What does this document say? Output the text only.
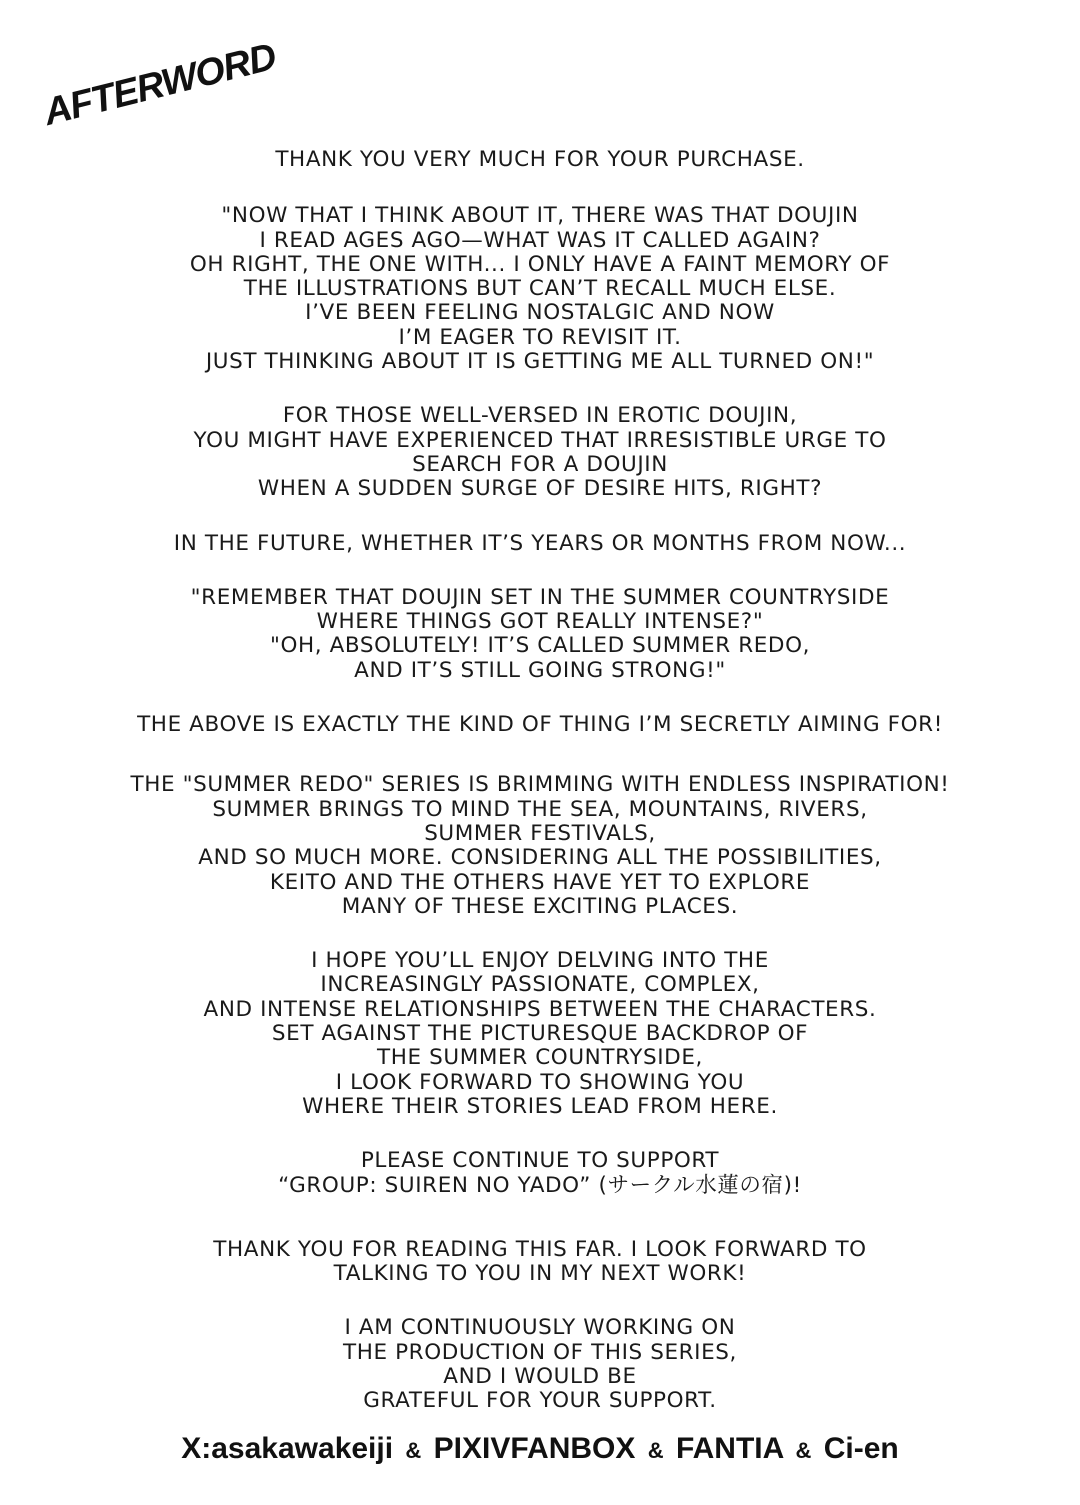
AFTERWORD
THANK YOU VERY MUCH FOR YOUR PURCHASE.
"NOW THAT I THINK ABOUT IT, THERE WAS THAT DOUJIN
I READ AGES AGO—WHAT WAS IT CALLED AGAIN?
OH RIGHT, THE ONE WITH... I ONLY HAVE A FAINT MEMORY OF
THE ILLUSTRATIONS BUT CAN’T RECALL MUCH ELSE.
I’VE BEEN FEELING NOSTALGIC AND NOW
I’M EAGER TO REVISIT IT.
JUST THINKING ABOUT IT IS GETTING ME ALL TURNED ON!"
FOR THOSE WELL-VERSED IN EROTIC DOUJIN,
YOU MIGHT HAVE EXPERIENCED THAT IRRESISTIBLE URGE TO
SEARCH FOR A DOUJIN
WHEN A SUDDEN SURGE OF DESIRE HITS, RIGHT?
IN THE FUTURE, WHETHER IT’S YEARS OR MONTHS FROM NOW...
"REMEMBER THAT DOUJIN SET IN THE SUMMER COUNTRYSIDE
WHERE THINGS GOT REALLY INTENSE?"
"OH, ABSOLUTELY! IT’S CALLED SUMMER REDO,
AND IT’S STILL GOING STRONG!"
THE ABOVE IS EXACTLY THE KIND OF THING I’M SECRETLY AIMING FOR!
THE "SUMMER REDO" SERIES IS BRIMMING WITH ENDLESS INSPIRATION!
SUMMER BRINGS TO MIND THE SEA, MOUNTAINS, RIVERS,
SUMMER FESTIVALS,
AND SO MUCH MORE. CONSIDERING ALL THE POSSIBILITIES,
KEITO AND THE OTHERS HAVE YET TO EXPLORE
MANY OF THESE EXCITING PLACES.
I HOPE YOU’LL ENJOY DELVING INTO THE
INCREASINGLY PASSIONATE, COMPLEX,
AND INTENSE RELATIONSHIPS BETWEEN THE CHARACTERS.
SET AGAINST THE PICTURESQUE BACKDROP OF
THE SUMMER COUNTRYSIDE,
I LOOK FORWARD TO SHOWING YOU
WHERE THEIR STORIES LEAD FROM HERE.
PLEASE CONTINUE TO SUPPORT
“GROUP: SUIREN NO YADO” (サークル水蓮の宿)!
THANK YOU FOR READING THIS FAR. I LOOK FORWARD TO
TALKING TO YOU IN MY NEXT WORK!
I AM CONTINUOUSLY WORKING ON
THE PRODUCTION OF THIS SERIES,
AND I WOULD BE
GRATEFUL FOR YOUR SUPPORT.
X:asakawakeiji & PIXIVFANBOX & FANTIA & Ci-en
